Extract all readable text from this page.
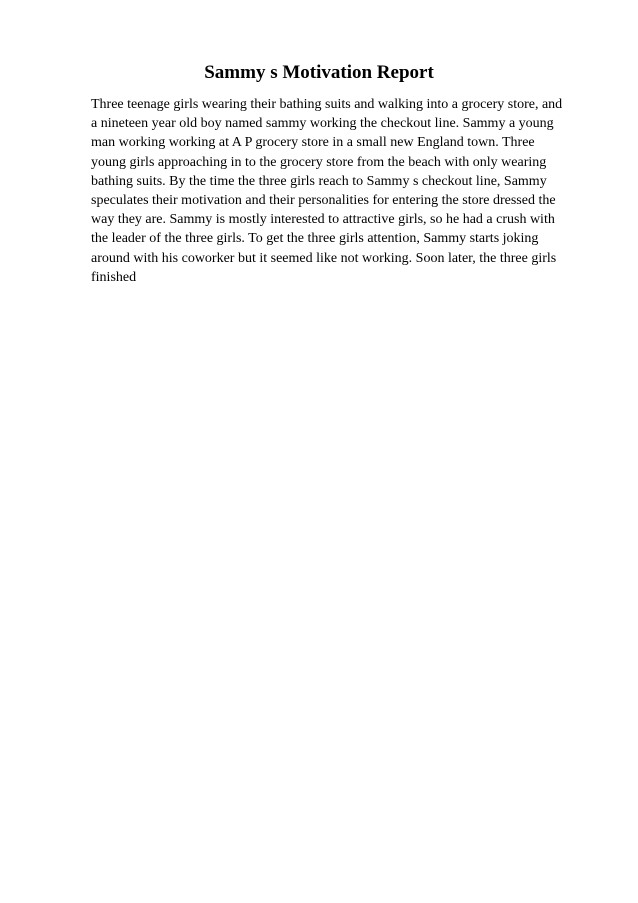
Sammy s Motivation Report
Three teenage girls wearing their bathing suits and walking into a grocery store, and
a nineteen year old boy named sammy working the checkout line. Sammy a young
man working working at A P grocery store in a small new England town. Three
young girls approaching in to the grocery store from the beach with only wearing
bathing suits. By the time the three girls reach to Sammy s checkout line, Sammy
speculates their motivation and their personalities for entering the store dressed the
way they are. Sammy is mostly interested to attractive girls, so he had a crush with
the leader of the three girls. To get the three girls attention, Sammy starts joking
around with his coworker but it seemed like not working. Soon later, the three girls
finished
